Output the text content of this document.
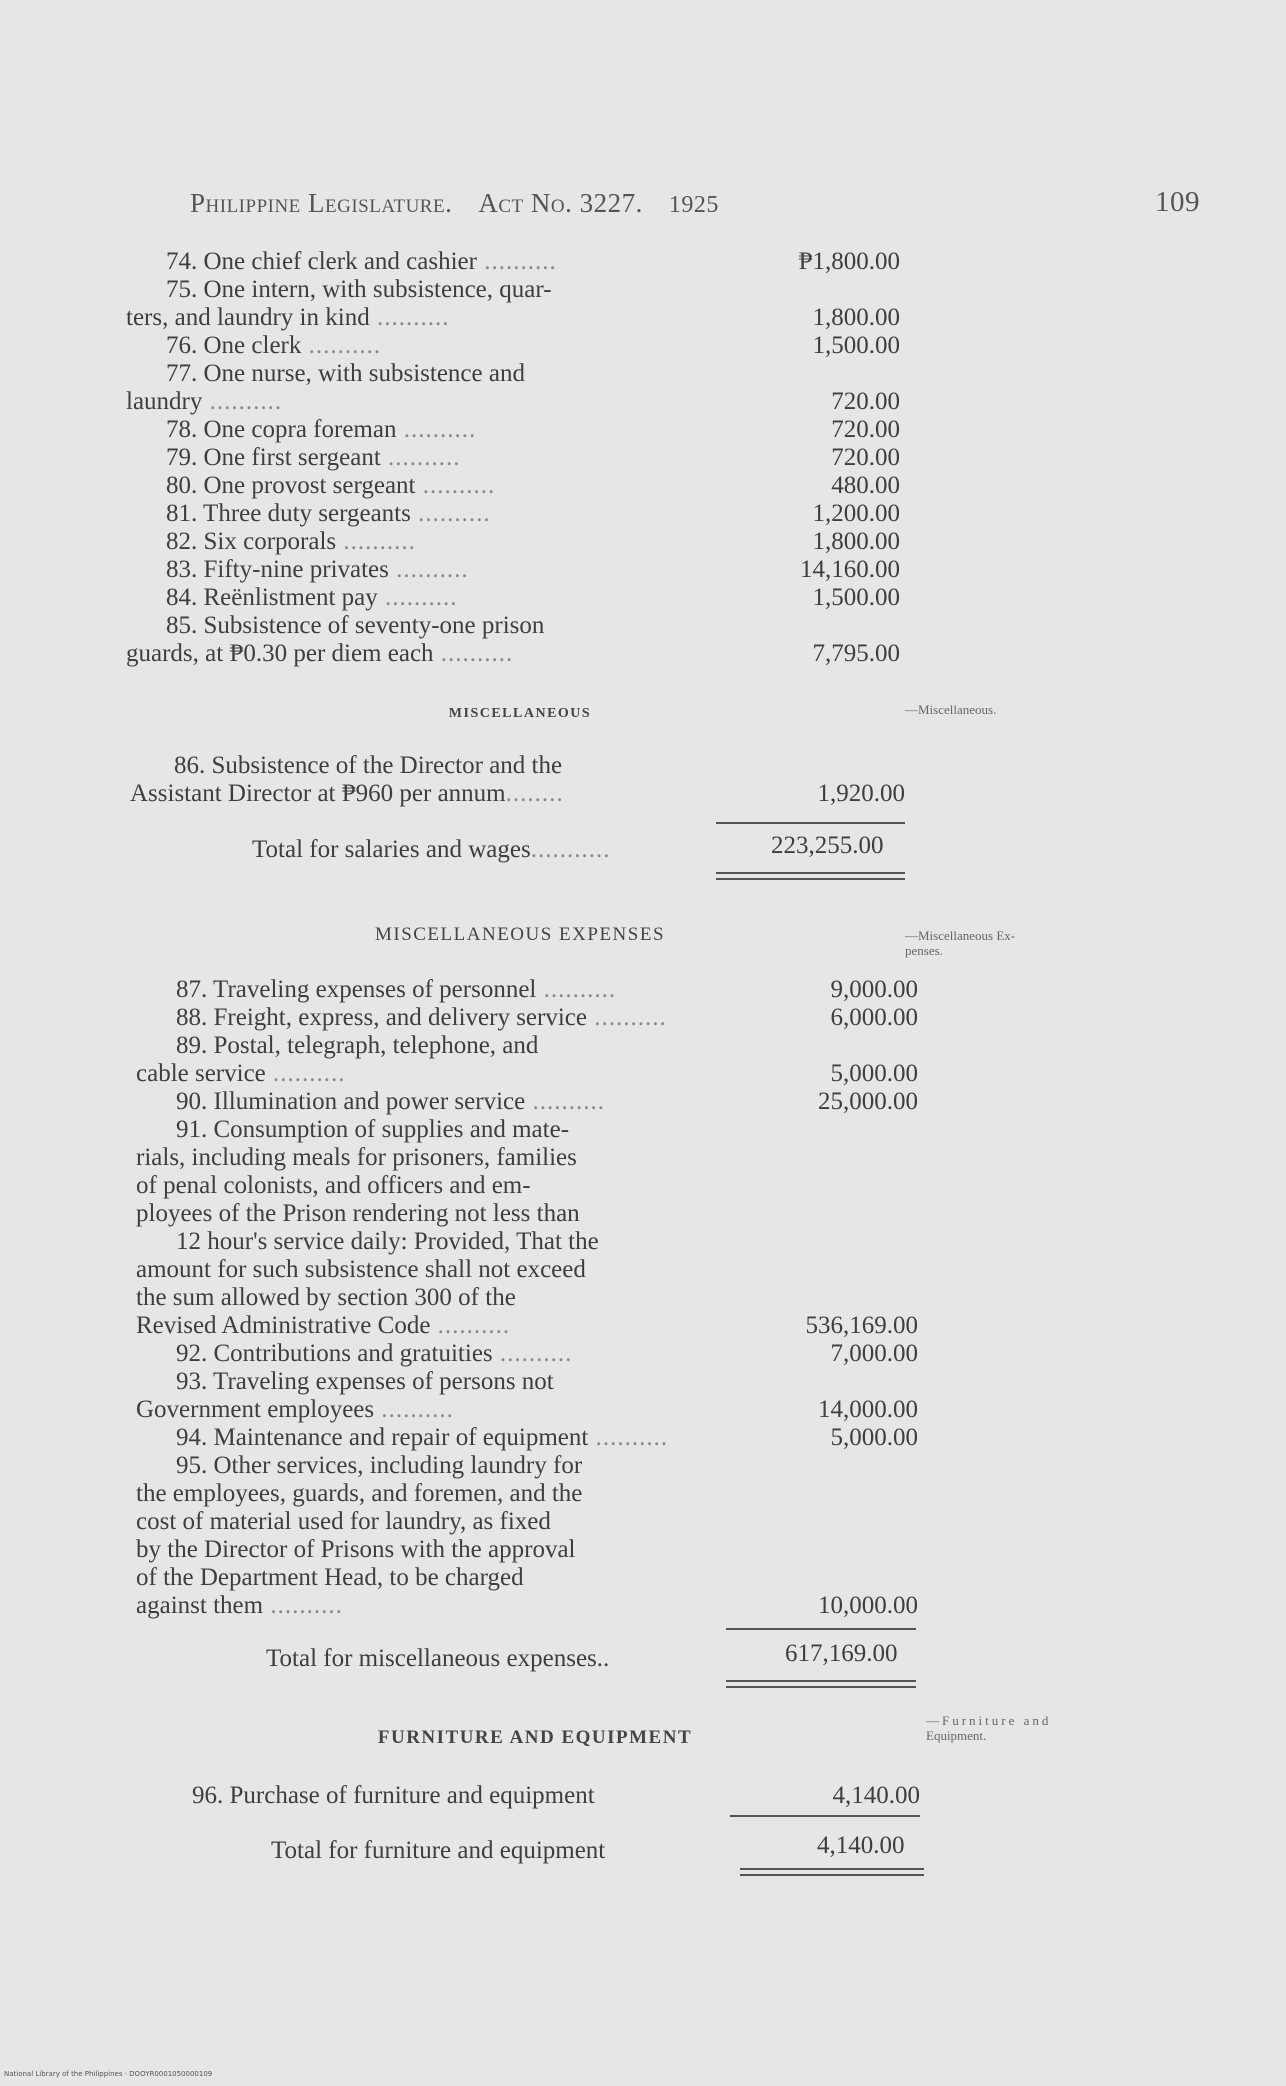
Philippine Legislature. Act No. 3227. 1925	109
74. One chief clerk and cashier ..........	₱1,800.00
75. One intern, with subsistence, quar-
ters, and laundry in kind ..........	1,800.00
76. One clerk ..........	1,500.00
77. One nurse, with subsistence and
laundry ..........	720.00
78. One copra foreman ..........	720.00
79. One first sergeant ..........	720.00
80. One provost sergeant ..........	480.00
81. Three duty sergeants ..........	1,200.00
82. Six corporals ..........	1,800.00
83. Fifty-nine privates ..........	14,160.00
84. Reënlistment pay ..........	1,500.00
85. Subsistence of seventy-one prison
guards, at ₱0.30 per diem each ..........	7,795.00
MISCELLANEOUS	—Miscellaneous.
86. Subsistence of the Director and the
Assistant Director at ₱960 per annum........	1,920.00
Total for salaries and wages...........	223,255.00
MISCELLANEOUS EXPENSES	—Miscellaneous Ex-
penses.
87. Traveling expenses of personnel ..........	9,000.00
88. Freight, express, and delivery service ..........	6,000.00
89. Postal, telegraph, telephone, and
cable service ..........	5,000.00
90. Illumination and power service ..........	25,000.00
91. Consumption of supplies and mate-
rials, including meals for prisoners, families
of penal colonists, and officers and em-
ployees of the Prison rendering not less than
12 hour's service daily: Provided, That the
amount for such subsistence shall not exceed
the sum allowed by section 300 of the
Revised Administrative Code ..........	536,169.00
92. Contributions and gratuities ..........	7,000.00
93. Traveling expenses of persons not
Government employees ..........	14,000.00
94. Maintenance and repair of equipment ..........	5,000.00
95. Other services, including laundry for
the employees, guards, and foremen, and the
cost of material used for laundry, as fixed
by the Director of Prisons with the approval
of the Department Head, to be charged
against them ..........	10,000.00
Total for miscellaneous expenses..	617,169.00
FURNITURE AND EQUIPMENT
—Furniture and
Equipment.
96. Purchase of furniture and equipment	4,140.00
Total for furniture and equipment	4,140.00
National Library of the Philippines · DOOYR0001050000109
